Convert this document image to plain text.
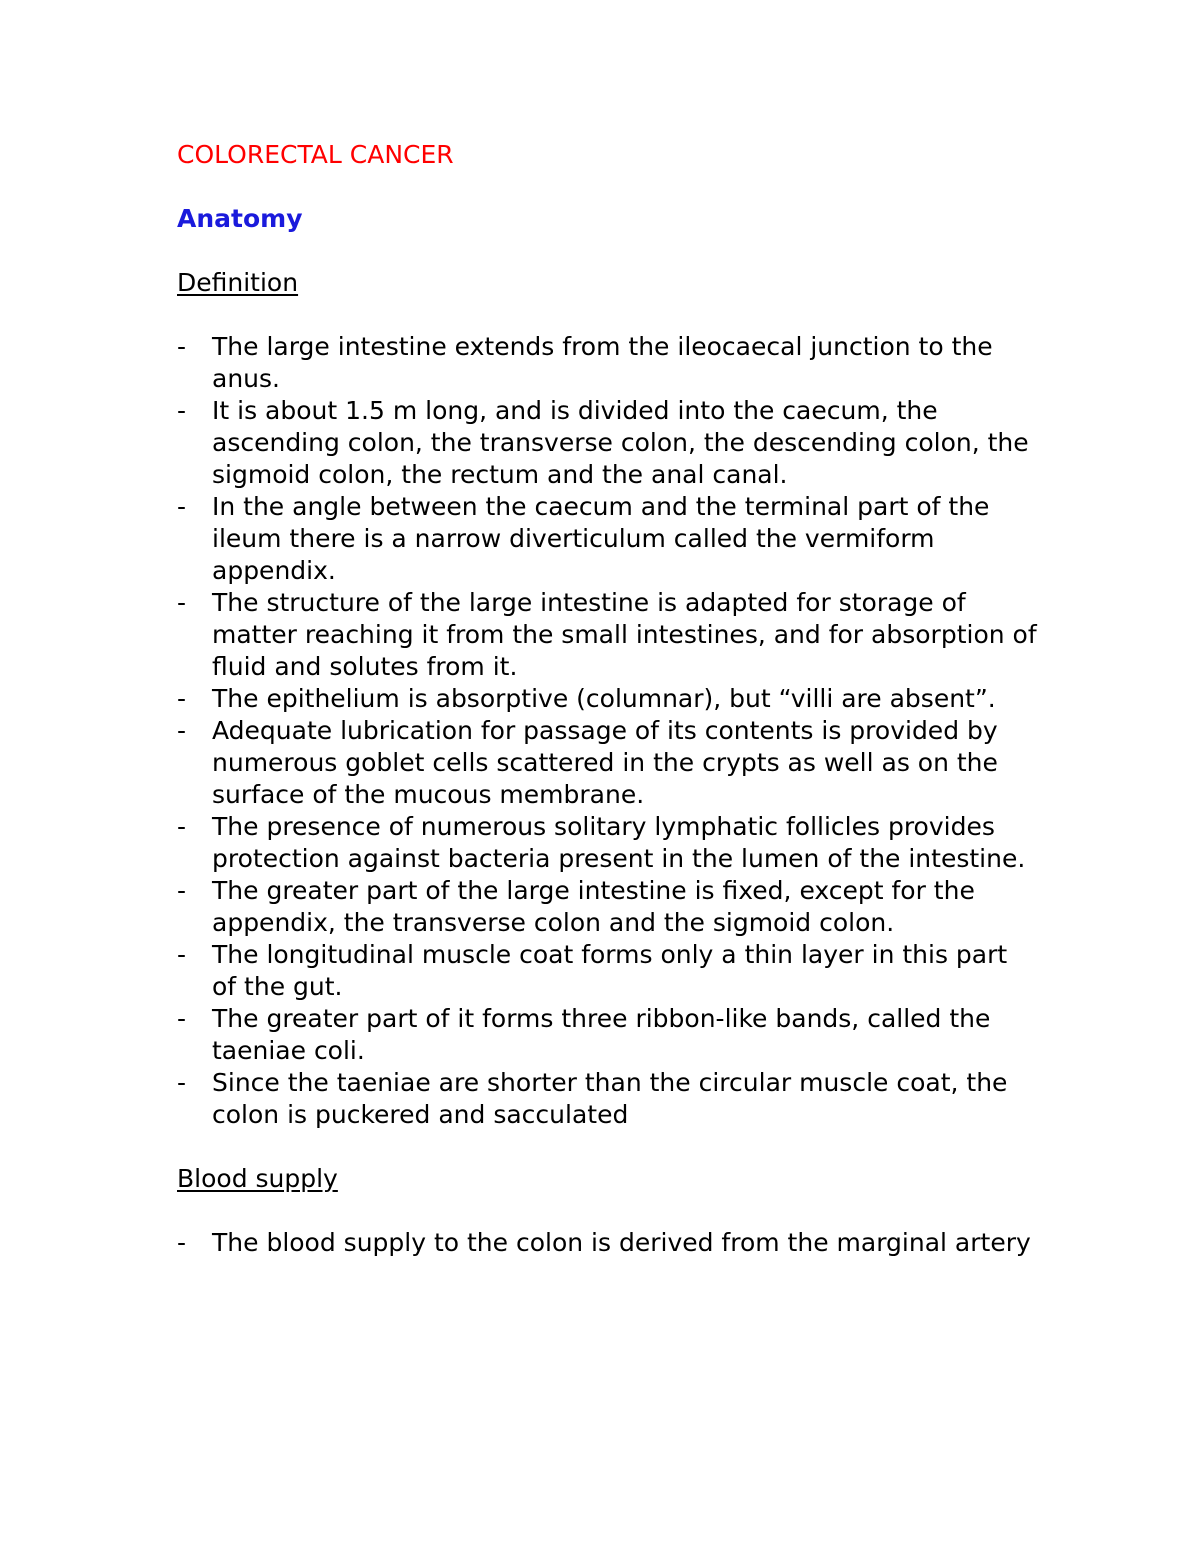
COLORECTAL CANCER
Anatomy
Definition
- The large intestine extends from the ileocaecal junction to the anus.
- It is about 1.5 m long, and is divided into the caecum, the ascending colon, the transverse colon, the descending colon, the sigmoid colon, the rectum and the anal canal.
- In the angle between the caecum and the terminal part of the ileum there is a narrow diverticulum called the vermiform appendix.
- The structure of the large intestine is adapted for storage of matter reaching it from the small intestines, and for absorption of fluid and solutes from it.
- The epithelium is absorptive (columnar), but “villi are absent”.
- Adequate lubrication for passage of its contents is provided by numerous goblet cells scattered in the crypts as well as on the surface of the mucous membrane.
- The presence of numerous solitary lymphatic follicles provides protection against bacteria present in the lumen of the intestine.
- The greater part of the large intestine is fixed, except for the appendix, the transverse colon and the sigmoid colon.
- The longitudinal muscle coat forms only a thin layer in this part of the gut.
- The greater part of it forms three ribbon-like bands, called the taeniae coli.
- Since the taeniae are shorter than the circular muscle coat, the colon is puckered and sacculated
Blood supply
- The blood supply to the colon is derived from the marginal artery
